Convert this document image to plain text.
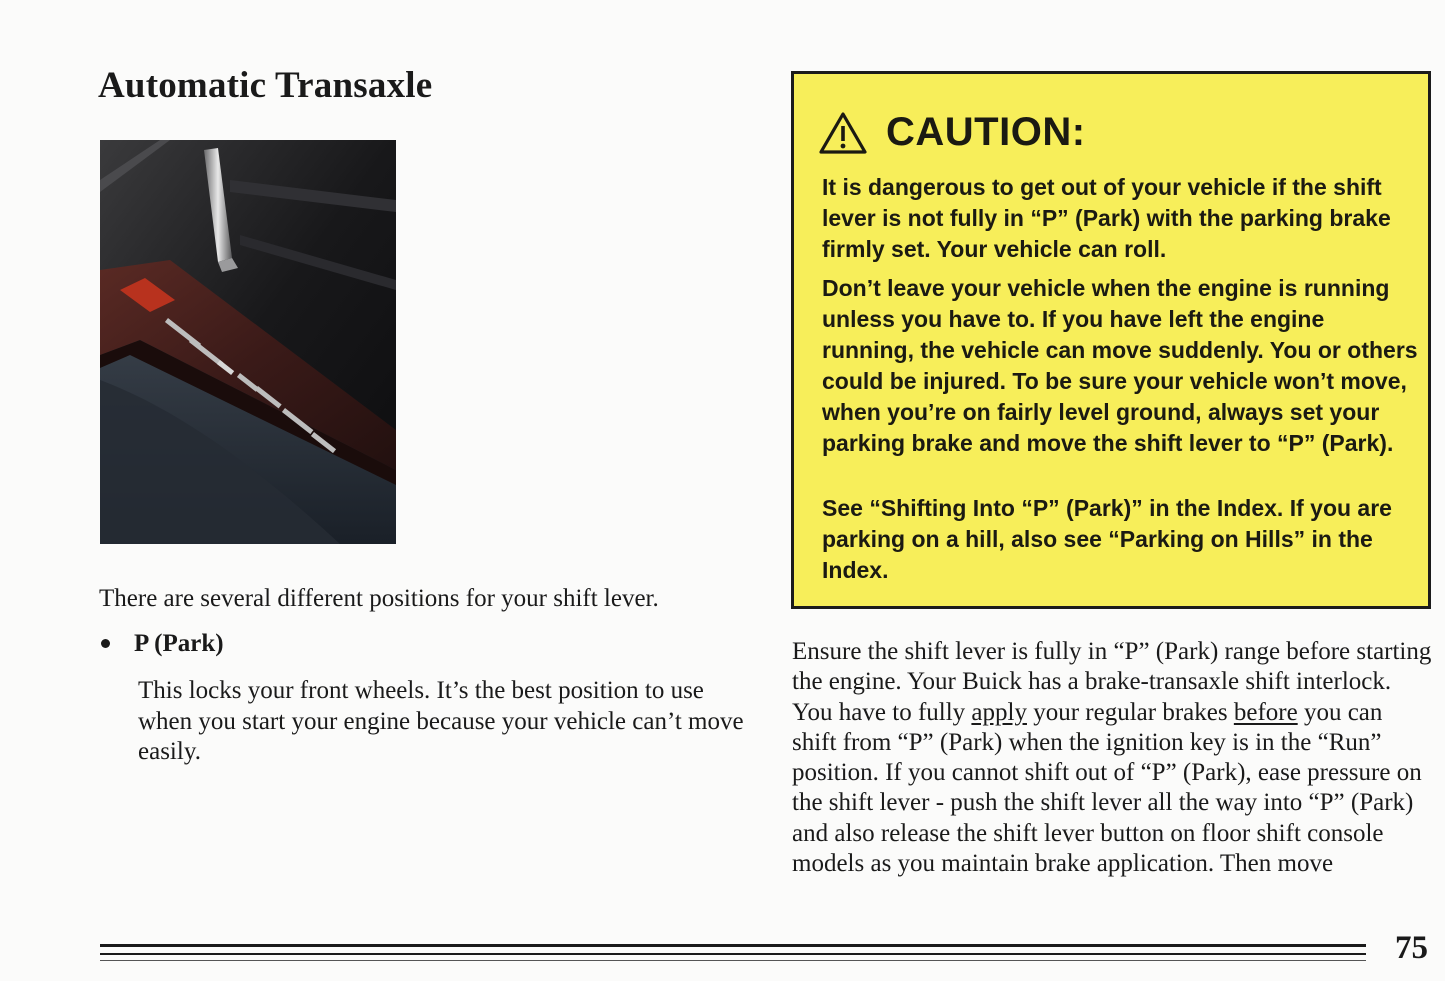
Automatic Transaxle

There are several different positions for your shift lever.

P (Park)

This locks your front wheels. It’s the best position to use when you start your engine because your vehicle can’t move easily.

CAUTION:

It is dangerous to get out of your vehicle if the shift lever is not fully in “P” (Park) with the parking brake firmly set. Your vehicle can roll.

Don’t leave your vehicle when the engine is running unless you have to. If you have left the engine running, the vehicle can move suddenly. You or others could be injured. To be sure your vehicle won’t move, when you’re on fairly level ground, always set your parking brake and move the shift lever to “P” (Park).

See “Shifting Into “P” (Park)” in the Index. If you are parking on a hill, also see “Parking on Hills” in the Index.

Ensure the shift lever is fully in “P” (Park) range before starting the engine. Your Buick has a brake-transaxle shift interlock. You have to fully apply your regular brakes before you can shift from “P” (Park) when the ignition key is in the “Run” position. If you cannot shift out of “P” (Park), ease pressure on the shift lever - push the shift lever all the way into “P” (Park) and also release the shift lever button on floor shift console models as you maintain brake application. Then move

75
